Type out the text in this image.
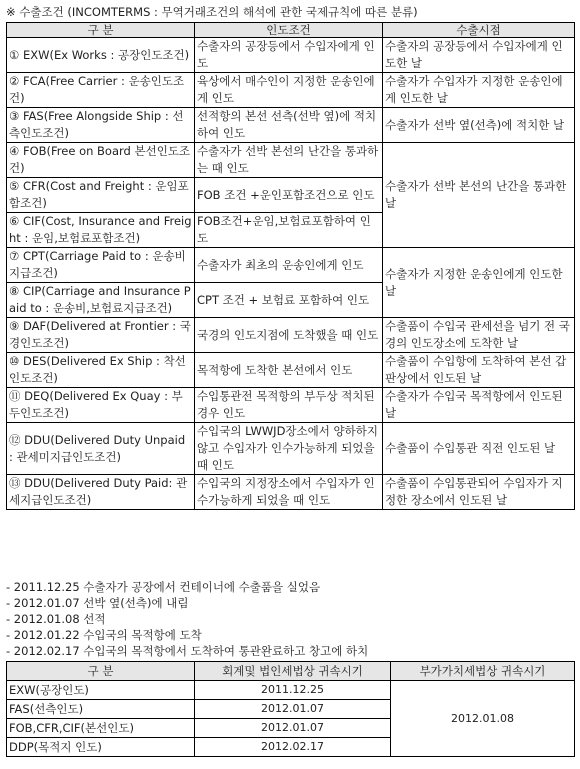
※ 수출조건 (INCOMTERMS : 무역거래조건의 해석에 관한 국제규칙에 따른 분류)
구 분	인도조건	수출시점
① EXW(Ex Works : 공장인도조건)	수출자의 공장등에서 수입자에게 인도	수출자의 공장등에서 수입자에게 인도한 날
② FCA(Free Carrier : 운송인도조건)	육상에서 매수인이 지정한 운송인에게 인도	수출자가 수입자가 지정한 운송인에게 인도한 날
③ FAS(Free Alongside Ship : 선측인도조건)	선적항의 본선 선측(선박 옆)에 적치하여 인도	수출자가 선박 옆(선측)에 적치한 날
④ FOB(Free on Board 본선인도조건)	수출자가 선박 본선의 난간을 통과하는 때 인도	수출자가 선박 본선의 난간을 통과한 날
⑤ CFR(Cost and Freight : 운임포함조건)	FOB 조건 +운인포함조건으로 인도	
⑥ CIF(Cost, Insurance and Freight : 운임,보험료포함조건)	FOB조건+운임,보험료포함하여 인도	
⑦ CPT(Carriage Paid to : 운송비지급조건)	수출자가 최초의 운송인에게 인도	수출자가 지정한 운송인에게 인도한 날
⑧ CIP(Carriage and Insurance Paid to : 운송비,보험료지급조건)	CPT 조건 + 보험료 포함하여 인도	
⑨ DAF(Delivered at Frontier : 국경인도조건)	국경의 인도지점에 도착했을 때 인도	수출품이 수입국 관세선을 넘기 전 국경의 인도장소에 도착한 날
⑩ DES(Delivered Ex Ship : 착선인도조건)	목적항에 도착한 본선에서 인도	수출품이 수입항에 도착하여 본선 갑판상에서 인도된 날
⑪ DEQ(Delivered Ex Quay : 부두인도조건)	수입통관전 목적항의 부두상 적치된 경우 인도	수출자가 수입국 목적항에서 인도된 날
⑫ DDU(Delivered Duty Unpaid : 관세미지급인도조건)	수입국의 LWWJD장소에서 양하하지 않고 수입자가 인수가능하게 되었을 때 인도	수출품이 수입통관 직전 인도된 날
⑬ DDU(Delivered Duty Paid: 관세지급인도조건)	수입국의 지정장소에서 수입자가 인수가능하게 되었을 때 인도	수출품이 수입통관되어 수입자가 지정한 장소에서 인도된 날
- 2011.12.25 수출자가 공장에서 컨테이너에 수출품을 실었음
- 2012.01.07 선박 옆(선측)에 내림
- 2012.01.08 선적
- 2012.01.22 수입국의 목적항에 도착
- 2012.02.17 수입국의 목적항에서 도착하여 통관완료하고 창고에 하치
구 분	회계및 법인세법상 귀속시기	부가가치세법상 귀속시기
EXW(공장인도)	2011.12.25	2012.01.08
FAS(선측인도)	2012.01.07	
FOB,CFR,CIF(본선인도)	2012.01.07	
DDP(목적지 인도)	2012.02.17	
